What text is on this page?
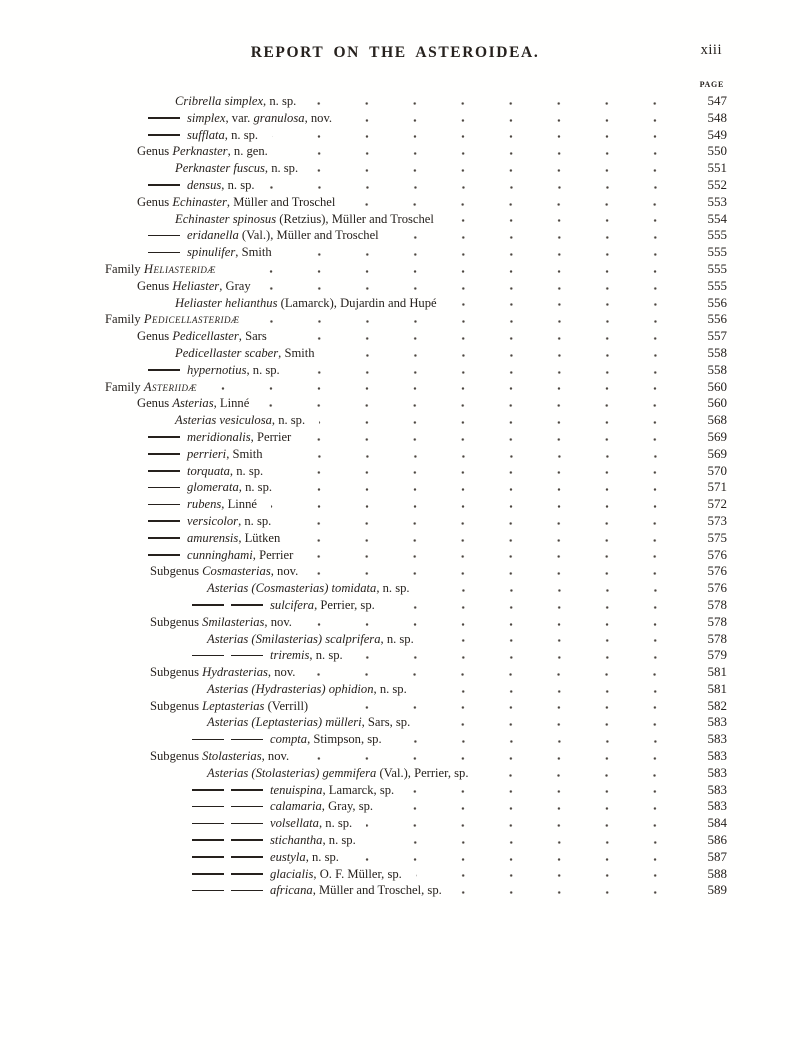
REPORT ON THE ASTEROIDEA.	xiii
PAGE
Cribrella simplex, n. sp.	547
simplex, var. granulosa, nov.	548
sufflata, n. sp.	549
Genus Perknaster, n. gen.	550
Perknaster fuscus, n. sp.	551
densus, n. sp.	552
Genus Echinaster, Müller and Troschel	553
Echinaster spinosus (Retzius), Müller and Troschel	554
eridanella (Val.), Müller and Troschel	555
spinulifer, Smith	555
Family Heliasteridæ	555
Genus Heliaster, Gray	555
Heliaster helianthus (Lamarck), Dujardin and Hupé	556
Family Pedicellasteridæ	556
Genus Pedicellaster, Sars	557
Pedicellaster scaber, Smith	558
hypernotius, n. sp.	558
Family Asteriidæ	560
Genus Asterias, Linné	560
Asterias vesiculosa, n. sp.	568
meridionalis, Perrier	569
perrieri, Smith	569
torquata, n. sp.	570
glomerata, n. sp.	571
rubens, Linné	572
versicolor, n. sp.	573
amurensis, Lütken	575
cunninghami, Perrier	576
Subgenus Cosmasterias, nov.	576
Asterias (Cosmasterias) tomidata, n. sp.	576
sulcifera, Perrier, sp.	578
Subgenus Smilasterias, nov.	578
Asterias (Smilasterias) scalprifera, n. sp.	578
triremis, n. sp.	579
Subgenus Hydrasterias, nov.	581
Asterias (Hydrasterias) ophidion, n. sp.	581
Subgenus Leptasterias (Verrill)	582
Asterias (Leptasterias) mülleri, Sars, sp.	583
compta, Stimpson, sp.	583
Subgenus Stolasterias, nov.	583
Asterias (Stolasterias) gemmifera (Val.), Perrier, sp.	583
tenuispina, Lamarck, sp.	583
calamaria, Gray, sp.	583
volsellata, n. sp.	584
stichantha, n. sp.	586
eustyla, n. sp.	587
glacialis, O. F. Müller, sp.	588
africana, Müller and Troschel, sp.	589
